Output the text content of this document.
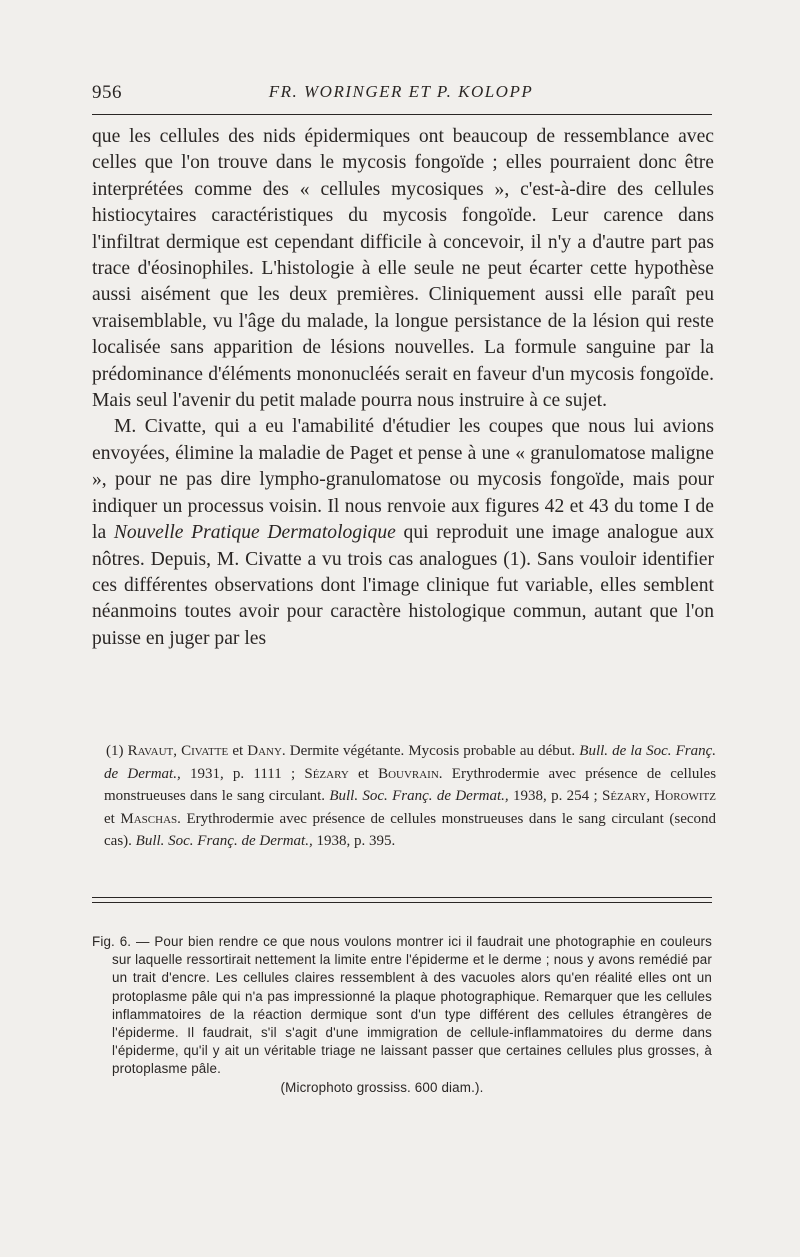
956	FR. WORINGER ET P. KOLOPP

que les cellules des nids épidermiques ont beaucoup de ressemblance avec celles que l'on trouve dans le mycosis fongoïde ; elles pourraient donc être interprétées comme des « cellules mycosiques », c'est-à-dire des cellules histiocytaires caractéristiques du mycosis fongoïde. Leur carence dans l'infiltrat dermique est cependant difficile à concevoir, il n'y a d'autre part pas trace d'éosinophiles. L'histologie à elle seule ne peut écarter cette hypothèse aussi aisément que les deux premières. Cliniquement aussi elle paraît peu vraisemblable, vu l'âge du malade, la longue persistance de la lésion qui reste localisée sans apparition de lésions nouvelles. La formule sanguine par la prédominance d'éléments mononucléés serait en faveur d'un mycosis fongoïde. Mais seul l'avenir du petit malade pourra nous instruire à ce sujet.

M. Civatte, qui a eu l'amabilité d'étudier les coupes que nous lui avions envoyées, élimine la maladie de Paget et pense à une « granulomatose maligne », pour ne pas dire lympho-granulomatose ou mycosis fongoïde, mais pour indiquer un processus voisin. Il nous renvoie aux figures 42 et 43 du tome I de la Nouvelle Pratique Dermatologique qui reproduit une image analogue aux nôtres. Depuis, M. Civatte a vu trois cas analogues (1). Sans vouloir identifier ces différentes observations dont l'image clinique fut variable, elles semblent néanmoins toutes avoir pour caractère histologique commun, autant que l'on puisse en juger par les

(1) Ravaut, Civatte et Dany. Dermite végétante. Mycosis probable au début. Bull. de la Soc. Franç. de Dermat., 1931, p. 1111 ; Sézary et Bouvrain. Erythrodermie avec présence de cellules monstrueuses dans le sang circulant. Bull. Soc. Franç. de Dermat., 1938, p. 254 ; Sézary, Horowitz et Maschas. Erythrodermie avec présence de cellules monstrueuses dans le sang circulant (second cas). Bull. Soc. Franç. de Dermat., 1938, p. 395.
Fig. 6. — Pour bien rendre ce que nous voulons montrer ici il faudrait une photographie en couleurs sur laquelle ressortirait nettement la limite entre l'épiderme et le derme ; nous y avons remédié par un trait d'encre. Les cellules claires ressemblent à des vacuoles alors qu'en réalité elles ont un protoplasme pâle qui n'a pas impressionné la plaque photographique. Remarquer que les cellules inflammatoires de la réaction dermique sont d'un type différent des cellules étrangères de l'épiderme. Il faudrait, s'il s'agit d'une immigration de cellule-inflammatoires du derme dans l'épiderme, qu'il y ait un véritable triage ne laissant passer que certaines cellules plus grosses, à protoplasme pâle.
(Microphoto grossiss. 600 diam.).
